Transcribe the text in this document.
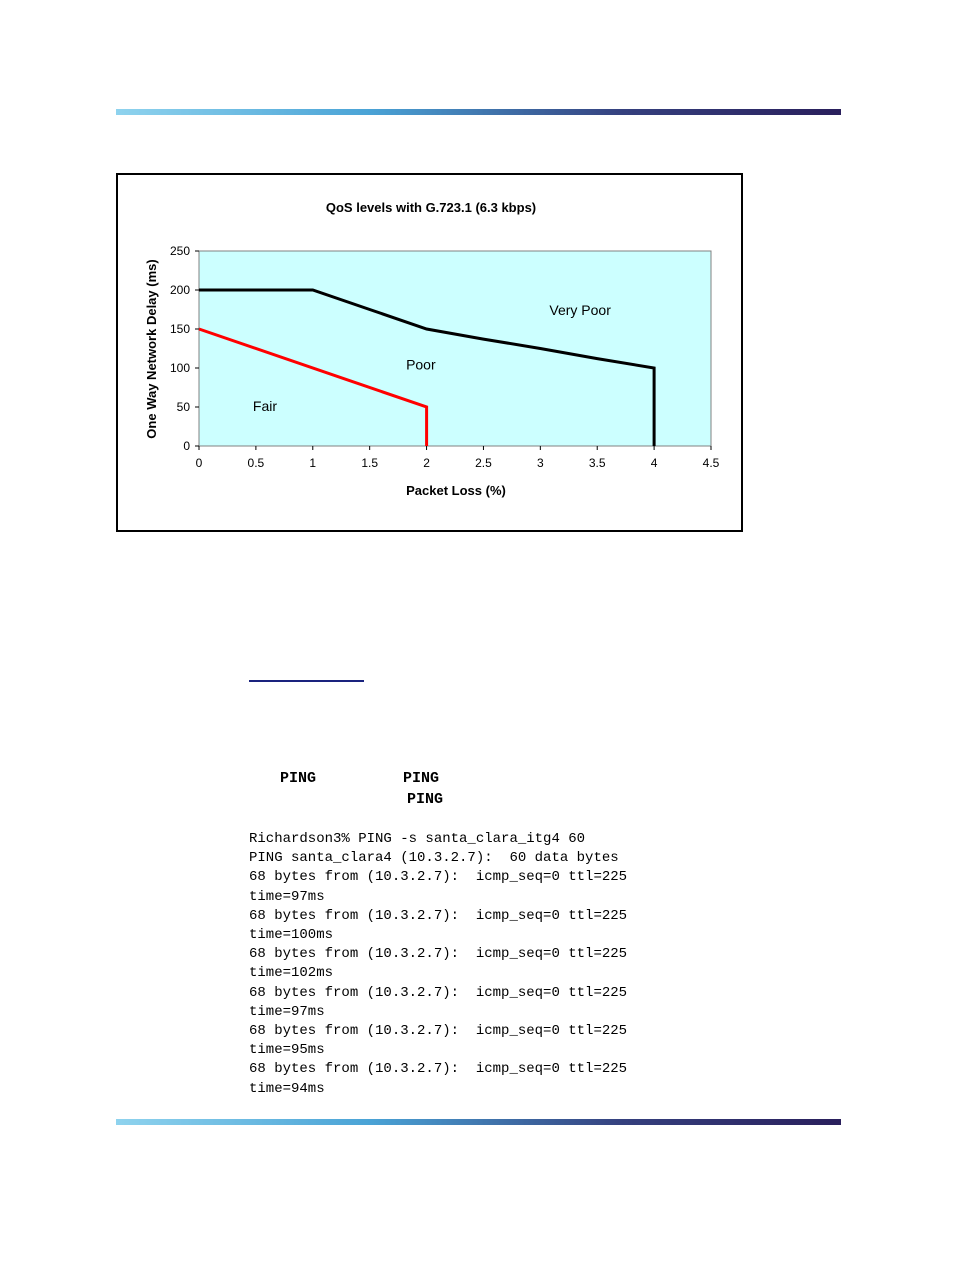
QoS levels with G.723.1 (6.3 kbps)
0
50
100
150
200
250
0	0.5	1	1.5	2	2.5	3	3.5	4	4.5
Fair
Poor
Very Poor
Packet Loss (%)
One Way Network Delay (ms)
PING	PING
PING
Richardson3% PING -s santa_clara_itg4 60
PING santa_clara4 (10.3.2.7):  60 data bytes
68 bytes from (10.3.2.7):  icmp_seq=0 ttl=225
time=97ms
68 bytes from (10.3.2.7):  icmp_seq=0 ttl=225
time=100ms
68 bytes from (10.3.2.7):  icmp_seq=0 ttl=225
time=102ms
68 bytes from (10.3.2.7):  icmp_seq=0 ttl=225
time=97ms
68 bytes from (10.3.2.7):  icmp_seq=0 ttl=225
time=95ms
68 bytes from (10.3.2.7):  icmp_seq=0 ttl=225
time=94ms
